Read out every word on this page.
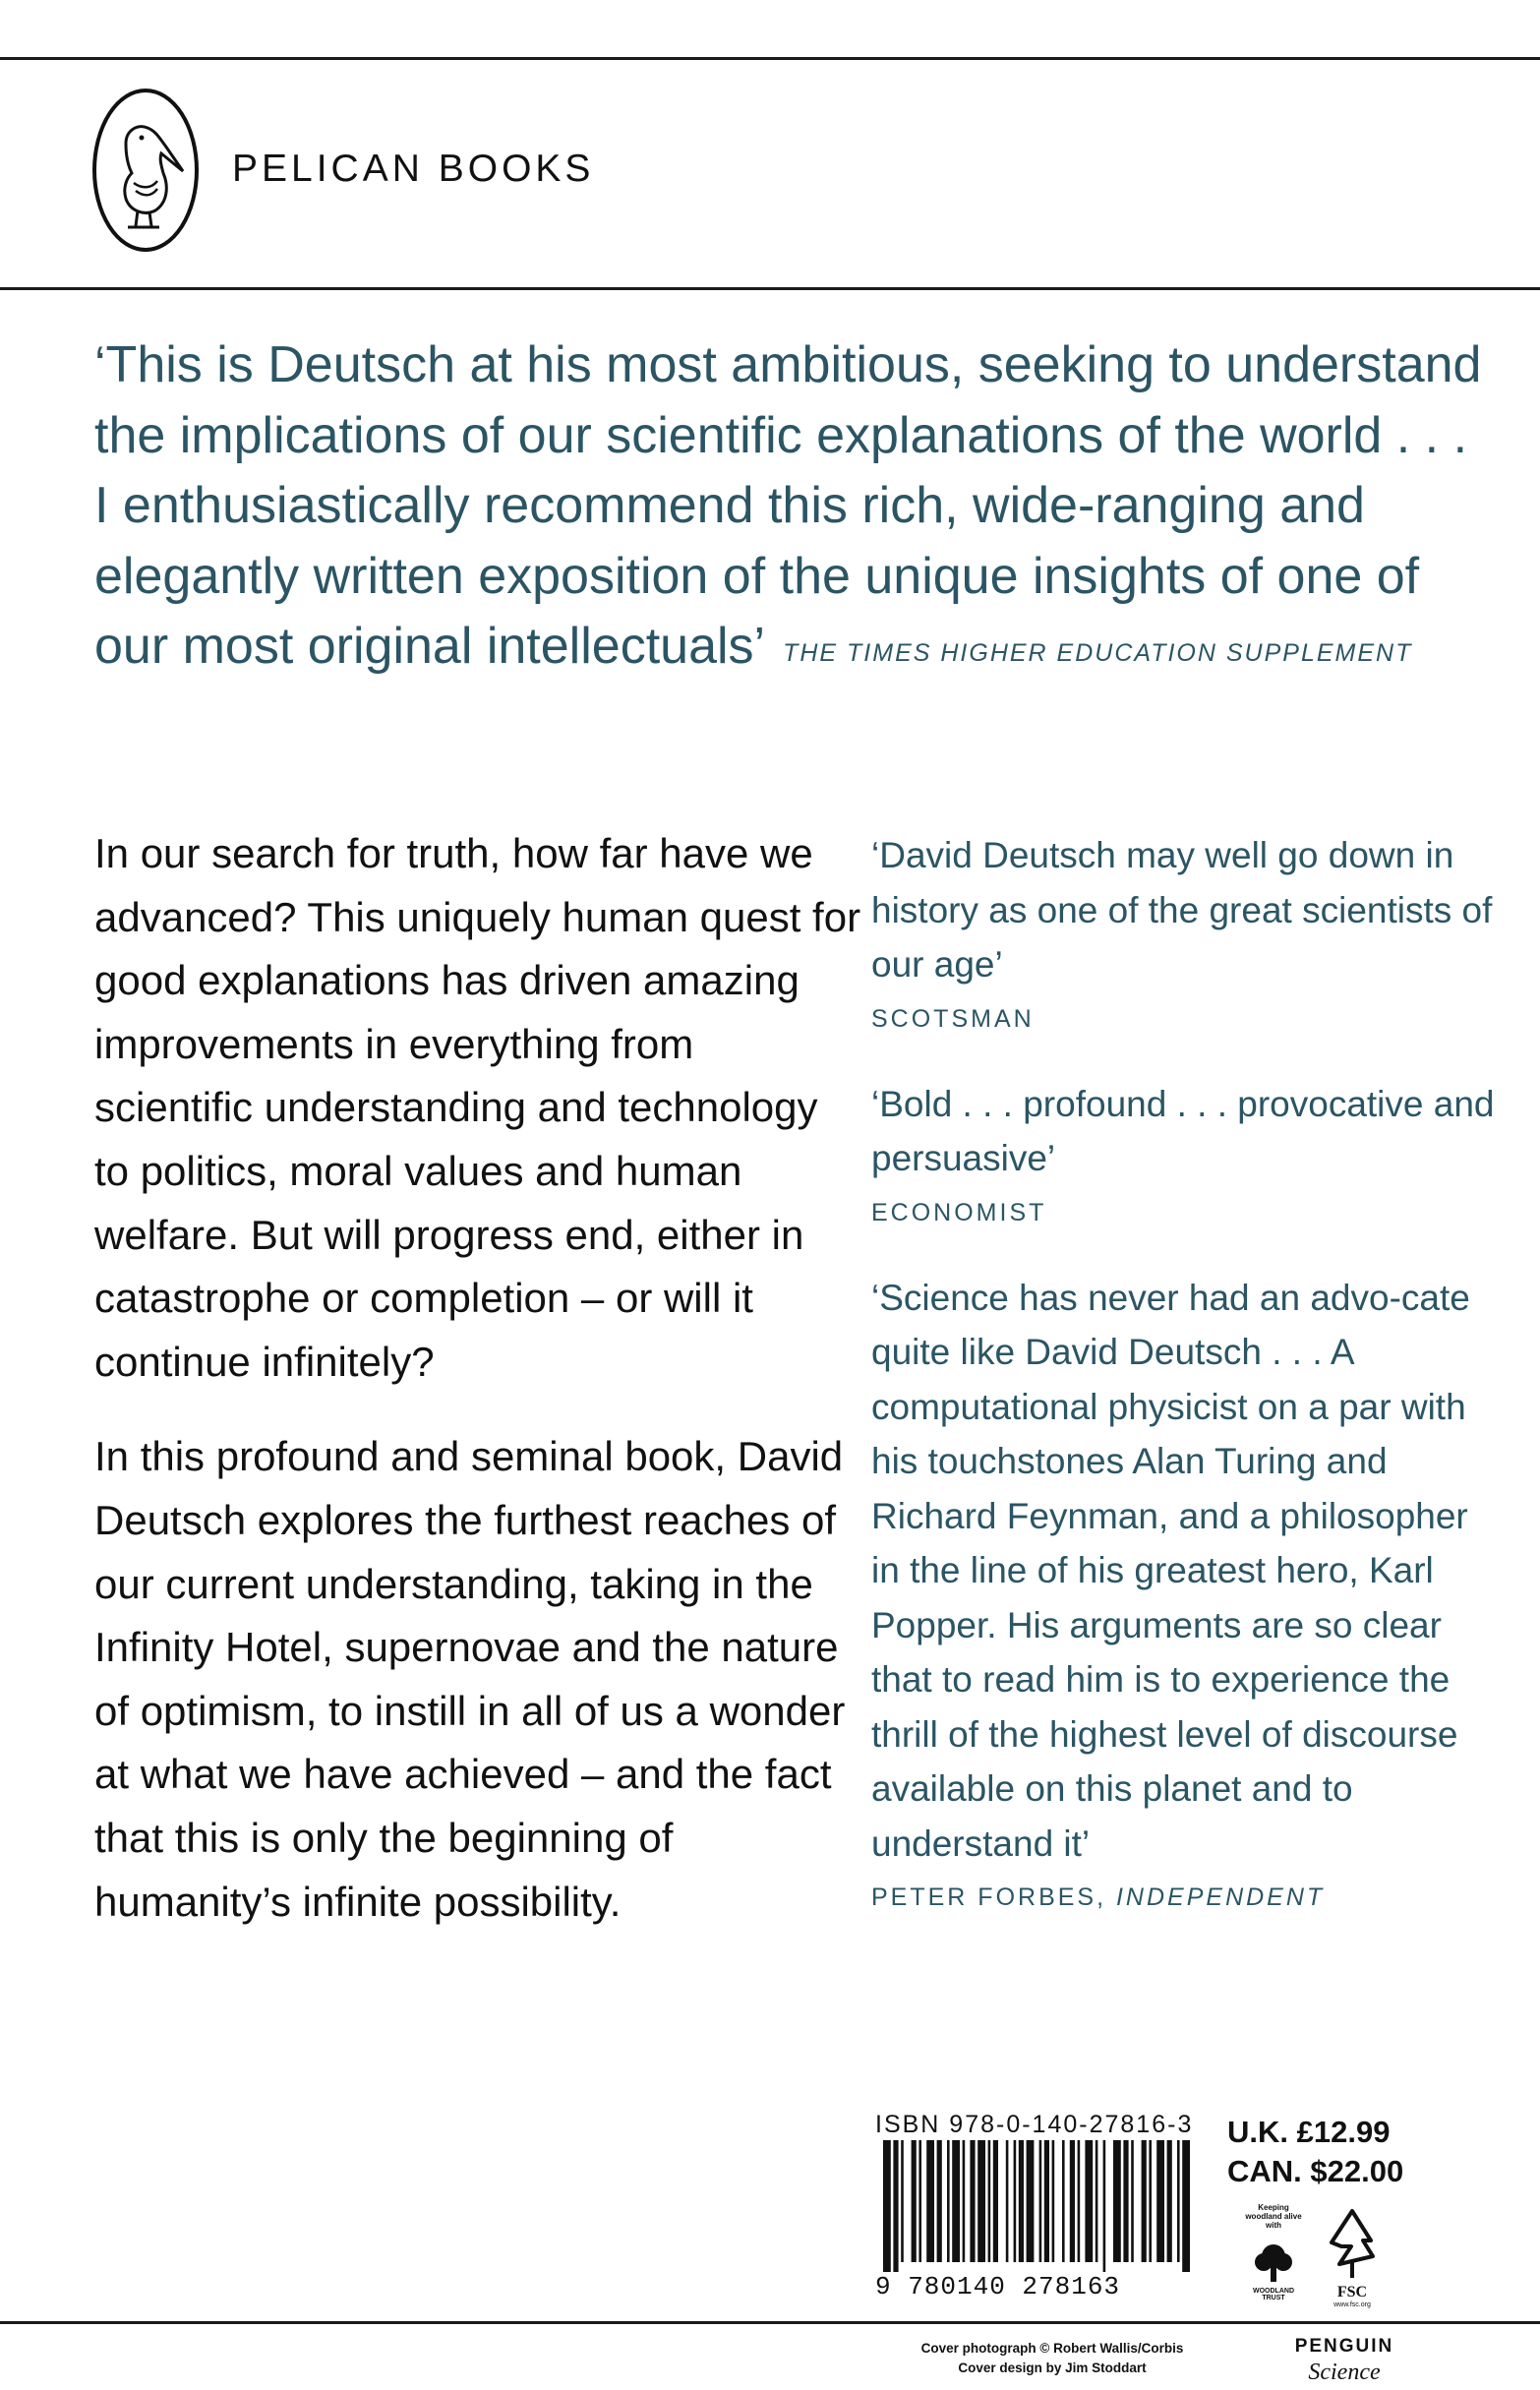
PELICAN BOOKS

‘This is Deutsch at his most ambitious, seeking to understand the implications of our scientific explanations of the world . . . I enthusiastically recommend this rich, wide-ranging and elegantly written exposition of the unique insights of one of our most original intellectuals’ THE TIMES HIGHER EDUCATION SUPPLEMENT

In our search for truth, how far have we advanced? This uniquely human quest for good explanations has driven amazing improvements in everything from scientific understanding and technology to politics, moral values and human welfare. But will progress end, either in catastrophe or completion – or will it continue infinitely?

In this profound and seminal book, David Deutsch explores the furthest reaches of our current understanding, taking in the Infinity Hotel, supernovae and the nature of optimism, to instill in all of us a wonder at what we have achieved – and the fact that this is only the beginning of humanity’s infinite possibility.

‘David Deutsch may well go down in history as one of the great scientists of our age’

SCOTSMAN

‘Bold . . . profound . . . provocative and persuasive’

ECONOMIST

‘Science has never had an advo-cate quite like David Deutsch . . . A computational physicist on a par with his touchstones Alan Turing and Richard Feynman, and a philosopher in the line of his greatest hero, Karl Popper. His arguments are so clear that to read him is to experience the thrill of the highest level of discourse available on this planet and to understand it’

PETER FORBES, INDEPENDENT

ISBN 978-0-140-27816-3
9 780140 278163
U.K. £12.99
CAN. $22.00
Keeping woodland alive with
WOODLAND TRUST	FSC
www.fsc.org
Cover photograph © Robert Wallis/Corbis
Cover design by Jim Stoddart
PENGUIN
Science
